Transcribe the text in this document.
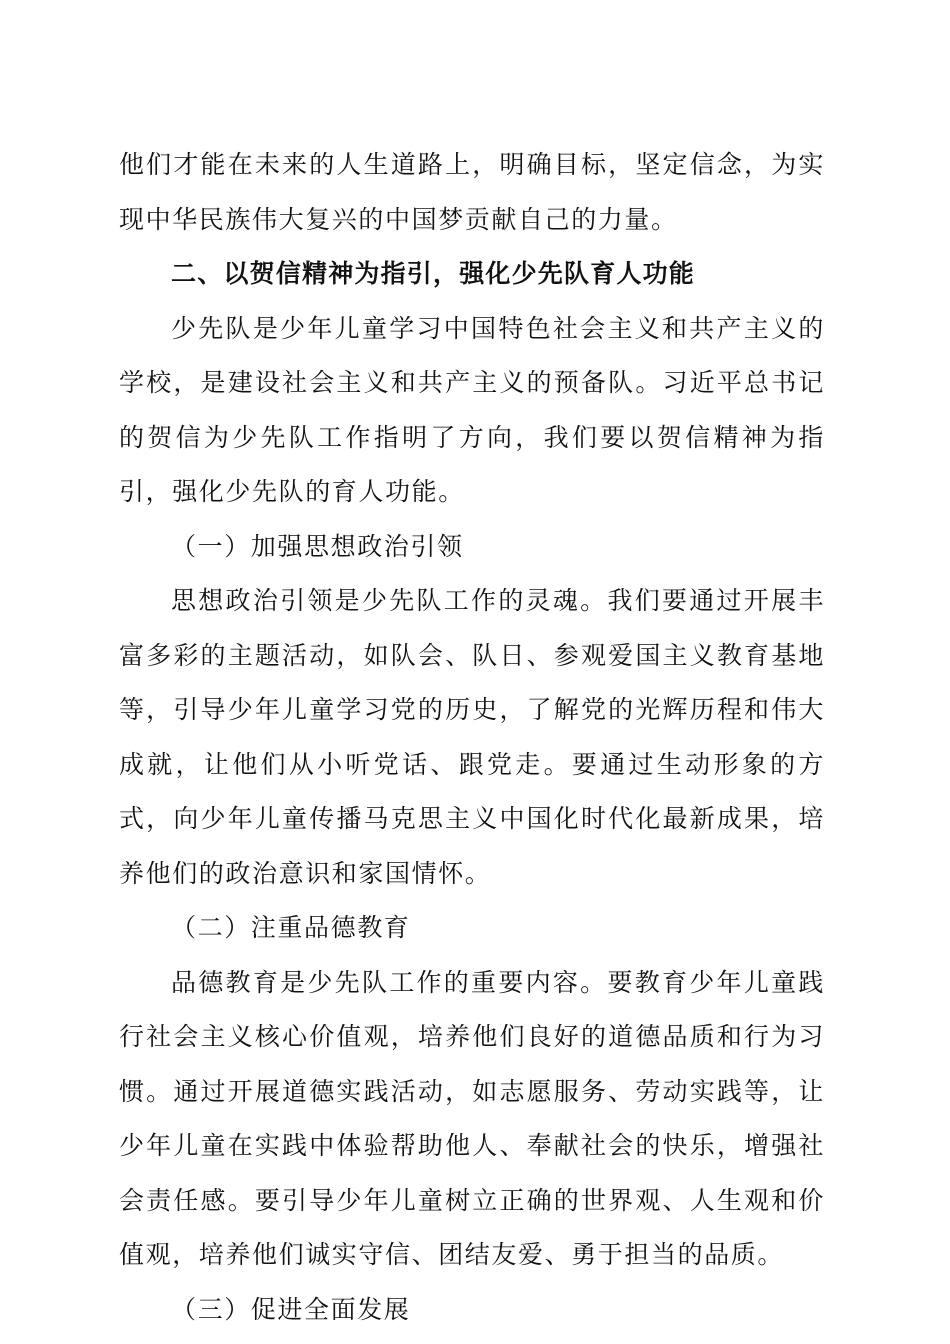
他们才能在未来的人生道路上，明确目标，坚定信念，为实现中华民族伟大复兴的中国梦贡献自己的力量。

二、以贺信精神为指引，强化少先队育人功能

少先队是少年儿童学习中国特色社会主义和共产主义的学校，是建设社会主义和共产主义的预备队。习近平总书记的贺信为少先队工作指明了方向，我们要以贺信精神为指引，强化少先队的育人功能。

（一）加强思想政治引领

思想政治引领是少先队工作的灵魂。我们要通过开展丰富多彩的主题活动，如队会、队日、参观爱国主义教育基地等，引导少年儿童学习党的历史，了解党的光辉历程和伟大成就，让他们从小听党话、跟党走。要通过生动形象的方式，向少年儿童传播马克思主义中国化时代化最新成果，培养他们的政治意识和家国情怀。

（二）注重品德教育

品德教育是少先队工作的重要内容。要教育少年儿童践行社会主义核心价值观，培养他们良好的道德品质和行为习惯。通过开展道德实践活动，如志愿服务、劳动实践等，让少年儿童在实践中体验帮助他人、奉献社会的快乐，增强社会责任感。要引导少年儿童树立正确的世界观、人生观和价值观，培养他们诚实守信、团结友爱、勇于担当的品质。

（三）促进全面发展
